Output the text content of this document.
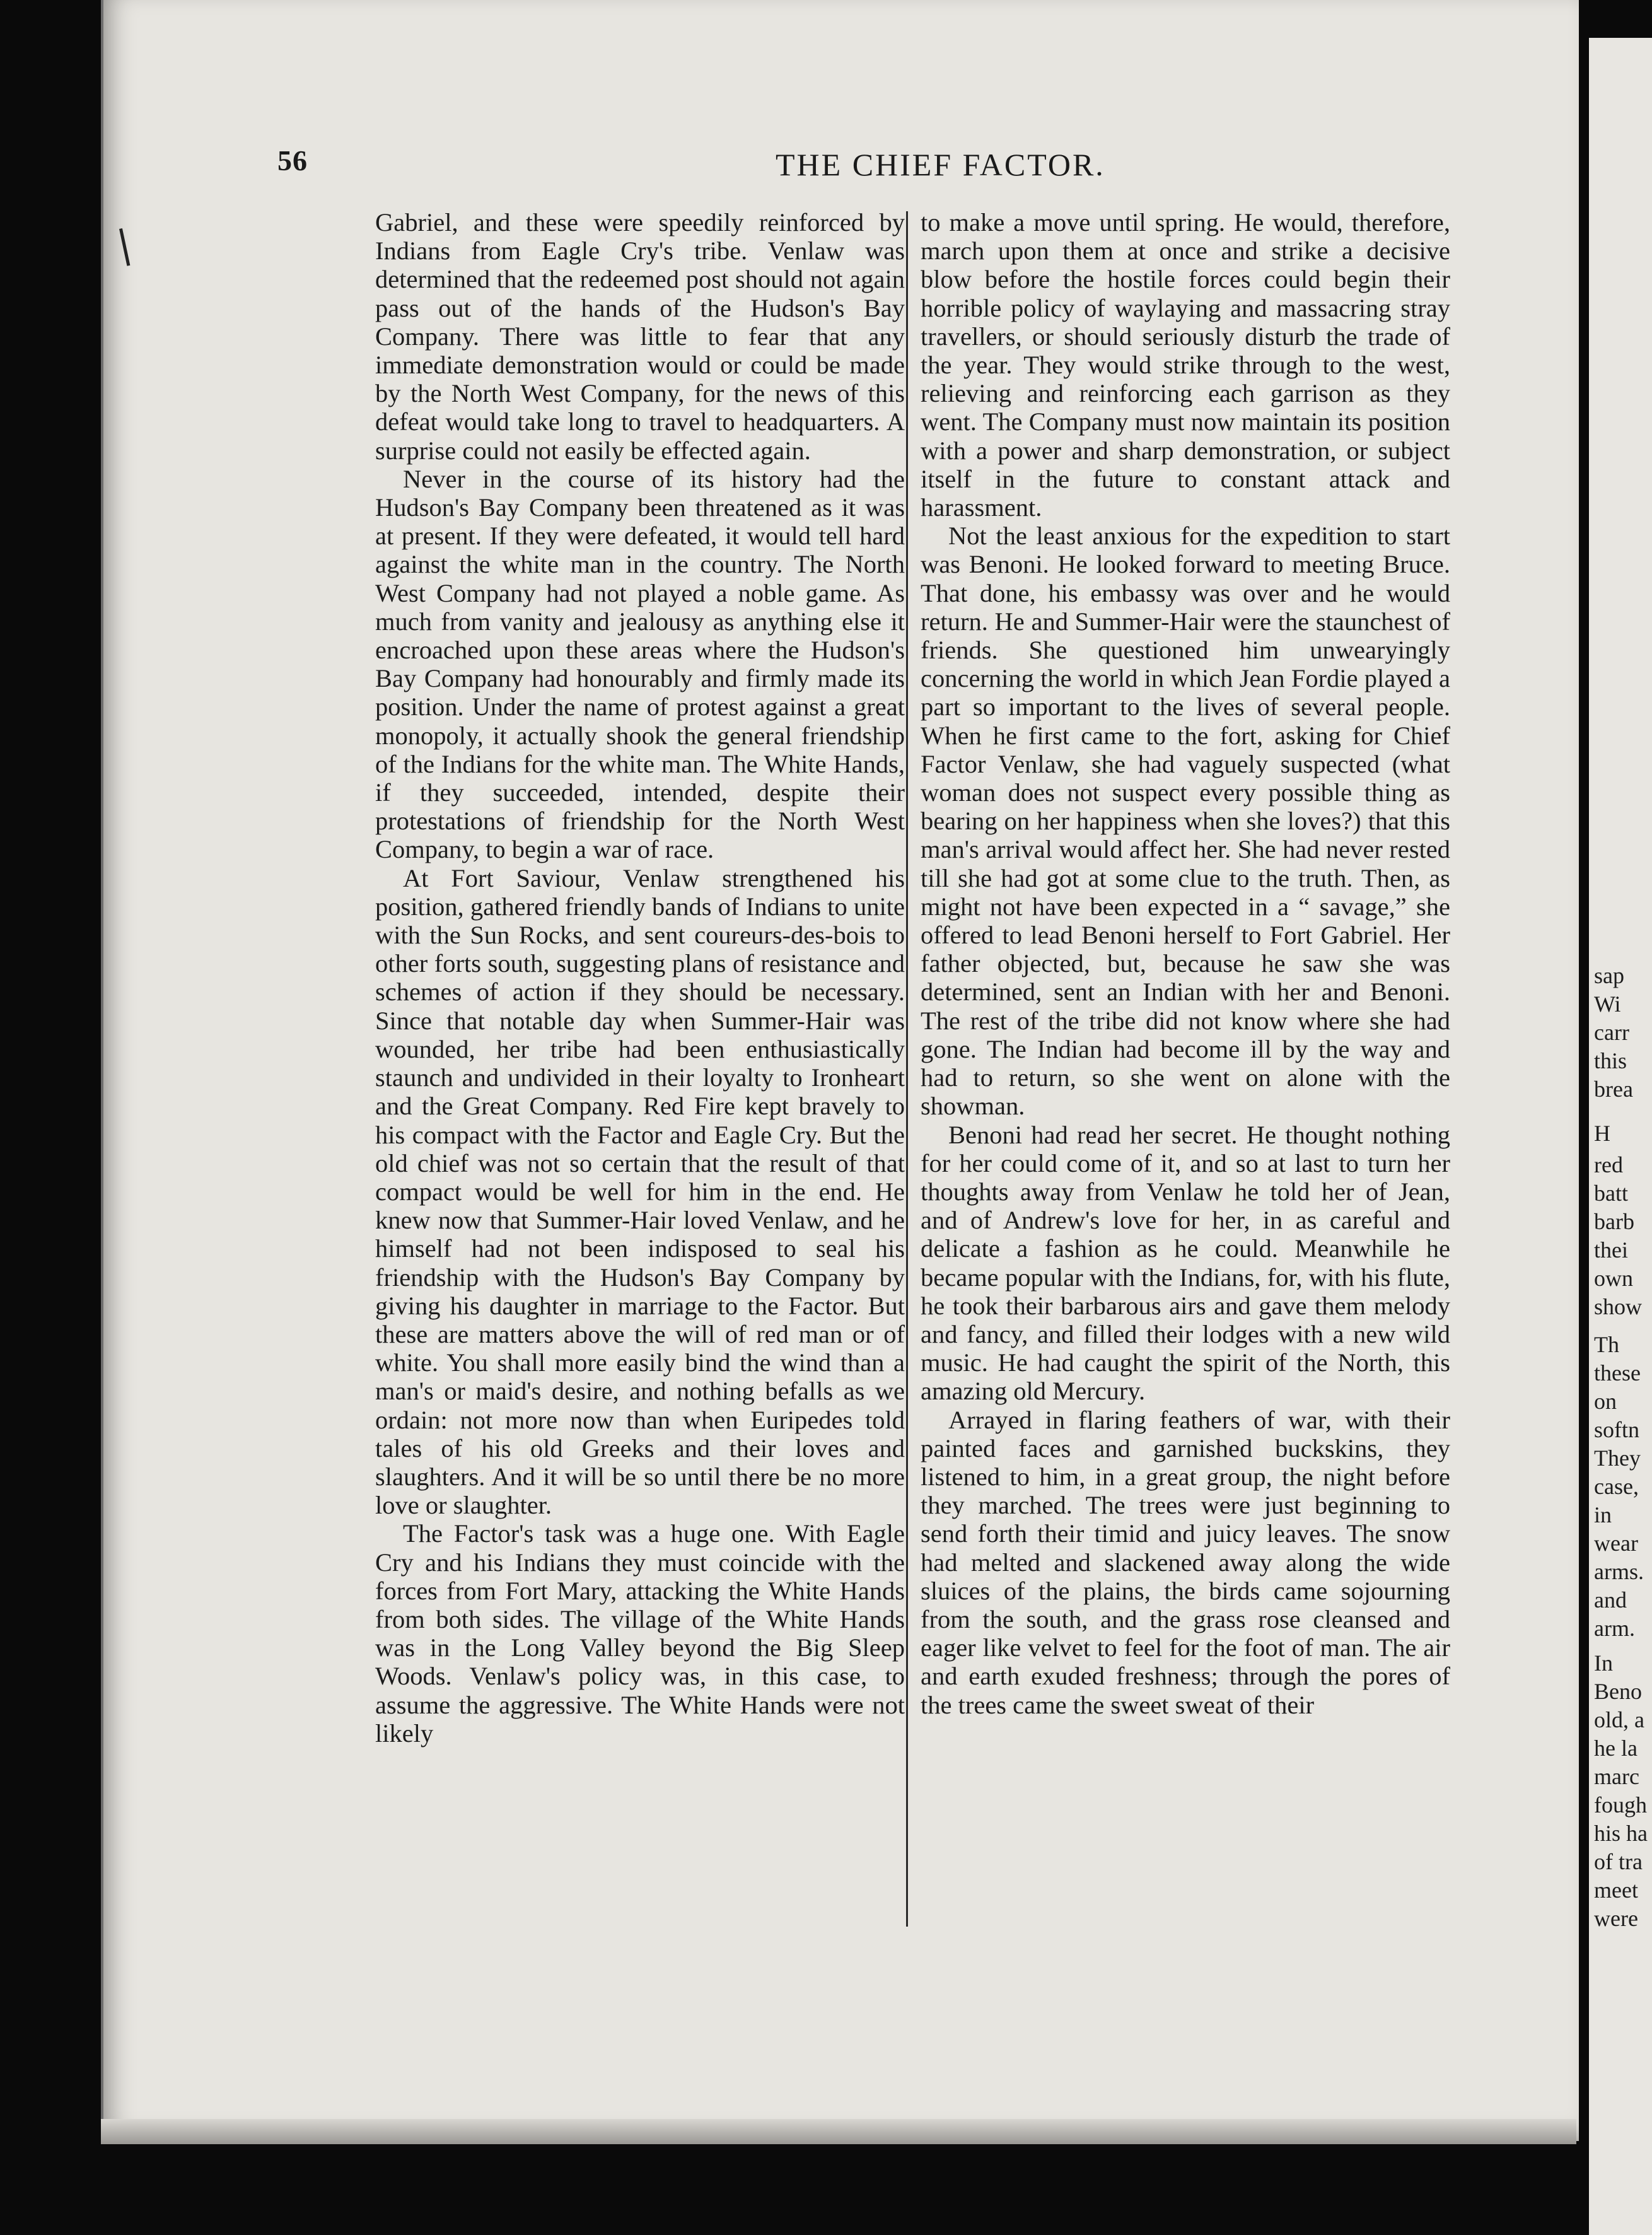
56	THE CHIEF FACTOR.

Gabriel, and these were speedily reinforced by Indians from Eagle Cry's tribe. Venlaw was determined that the redeemed post should not again pass out of the hands of the Hudson's Bay Company. There was little to fear that any immediate demonstration would or could be made by the North West Company, for the news of this defeat would take long to travel to headquarters. A surprise could not easily be effected again.

Never in the course of its history had the Hudson's Bay Company been threatened as it was at present. If they were defeated, it would tell hard against the white man in the country. The North West Company had not played a noble game. As much from vanity and jealousy as anything else it encroached upon these areas where the Hudson's Bay Company had honourably and firmly made its position. Under the name of protest against a great monopoly, it actually shook the general friendship of the Indians for the white man. The White Hands, if they succeeded, intended, despite their protestations of friendship for the North West Company, to begin a war of race.

At Fort Saviour, Venlaw strengthened his position, gathered friendly bands of Indians to unite with the Sun Rocks, and sent coureurs-des-bois to other forts south, suggesting plans of resistance and schemes of action if they should be necessary. Since that notable day when Summer-Hair was wounded, her tribe had been enthusiastically staunch and undivided in their loyalty to Ironheart and the Great Company. Red Fire kept bravely to his compact with the Factor and Eagle Cry. But the old chief was not so certain that the result of that compact would be well for him in the end. He knew now that Summer-Hair loved Venlaw, and he himself had not been indisposed to seal his friendship with the Hudson's Bay Company by giving his daughter in marriage to the Factor. But these are matters above the will of red man or of white. You shall more easily bind the wind than a man's or maid's desire, and nothing befalls as we ordain: not more now than when Euripedes told tales of his old Greeks and their loves and slaughters. And it will be so until there be no more love or slaughter.

The Factor's task was a huge one. With Eagle Cry and his Indians they must coincide with the forces from Fort Mary, attacking the White Hands from both sides. The village of the White Hands was in the Long Valley beyond the Big Sleep Woods. Venlaw's policy was, in this case, to assume the aggressive. The White Hands were not likely

to make a move until spring. He would, therefore, march upon them at once and strike a decisive blow before the hostile forces could begin their horrible policy of waylaying and massacring stray travellers, or should seriously disturb the trade of the year. They would strike through to the west, relieving and reinforcing each garrison as they went. The Company must now maintain its position with a power and sharp demonstration, or subject itself in the future to constant attack and harassment.

Not the least anxious for the expedition to start was Benoni. He looked forward to meeting Bruce. That done, his embassy was over and he would return. He and Summer-Hair were the staunchest of friends. She questioned him unwearyingly concerning the world in which Jean Fordie played a part so important to the lives of several people. When he first came to the fort, asking for Chief Factor Venlaw, she had vaguely suspected (what woman does not suspect every possible thing as bearing on her happiness when she loves?) that this man's arrival would affect her. She had never rested till she had got at some clue to the truth. Then, as might not have been expected in a “ savage,” she offered to lead Benoni herself to Fort Gabriel. Her father objected, but, because he saw she was determined, sent an Indian with her and Benoni. The rest of the tribe did not know where she had gone. The Indian had become ill by the way and had to return, so she went on alone with the showman.

Benoni had read her secret. He thought nothing for her could come of it, and so at last to turn her thoughts away from Venlaw he told her of Jean, and of Andrew's love for her, in as careful and delicate a fashion as he could. Meanwhile he became popular with the Indians, for, with his flute, he took their barbarous airs and gave them melody and fancy, and filled their lodges with a new wild music. He had caught the spirit of the North, this amazing old Mercury.

Arrayed in flaring feathers of war, with their painted faces and garnished buckskins, they listened to him, in a great group, the night before they marched. The trees were just beginning to send forth their timid and juicy leaves. The snow had melted and slackened away along the wide sluices of the plains, the birds came sojourning from the south, and the grass rose cleansed and eager like velvet to feel for the foot of man. The air and earth exuded freshness; through the pores of the trees came the sweet sweat of their

sap
Wi
carr
this
brea
H
red
batt
barb
thei
own
show
Th
these
on
softn
They
case,
in
wear
arms.
and
arm.
In
Beno
old, a
he la
marc
fough
his ha
of tra
meet
were
